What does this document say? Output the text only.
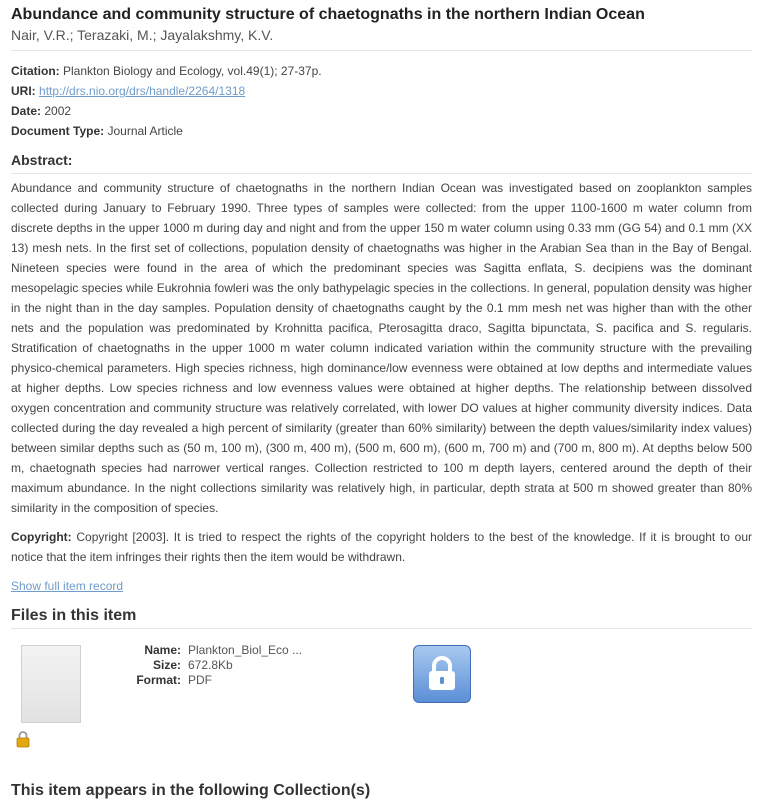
Abundance and community structure of chaetognaths in the northern Indian Ocean
Nair, V.R.; Terazaki, M.; Jayalakshmy, K.V.
Citation: Plankton Biology and Ecology, vol.49(1); 27-37p.
URI: http://drs.nio.org/drs/handle/2264/1318
Date: 2002
Document Type: Journal Article
Abstract:
Abundance and community structure of chaetognaths in the northern Indian Ocean was investigated based on zooplankton samples collected during January to February 1990. Three types of samples were collected: from the upper 1100-1600 m water column from discrete depths in the upper 1000 m during day and night and from the upper 150 m water column using 0.33 mm (GG 54) and 0.1 mm (XX 13) mesh nets. In the first set of collections, population density of chaetognaths was higher in the Arabian Sea than in the Bay of Bengal. Nineteen species were found in the area of which the predominant species was Sagitta enflata, S. decipiens was the dominant mesopelagic species while Eukrohnia fowleri was the only bathypelagic species in the collections. In general, population density was higher in the night than in the day samples. Population density of chaetognaths caught by the 0.1 mm mesh net was higher than with the other nets and the population was predominated by Krohnitta pacifica, Pterosagitta draco, Sagitta bipunctata, S. pacifica and S. regularis. Stratification of chaetognaths in the upper 1000 m water column indicated variation within the community structure with the prevailing physico-chemical parameters. High species richness, high dominance/low evenness were obtained at low depths and intermediate values at higher depths. Low species richness and low evenness values were obtained at higher depths. The relationship between dissolved oxygen concentration and community structure was relatively correlated, with lower DO values at higher community diversity indices. Data collected during the day revealed a high percent of similarity (greater than 60% similarity) between the depth values/similarity index values) between similar depths such as (50 m, 100 m), (300 m, 400 m), (500 m, 600 m), (600 m, 700 m) and (700 m, 800 m). At depths below 500 m, chaetognath species had narrower vertical ranges. Collection restricted to 100 m depth layers, centered around the depth of their maximum abundance. In the night collections similarity was relatively high, in particular, depth strata at 500 m showed greater than 80% similarity in the composition of species.
Copyright: Copyright [2003]. It is tried to respect the rights of the copyright holders to the best of the knowledge. If it is brought to our notice that the item infringes their rights then the item would be withdrawn.
Show full item record
Files in this item
Name: Plankton_Biol_Eco ...
Size: 672.8Kb
Format: PDF
This item appears in the following Collection(s)
